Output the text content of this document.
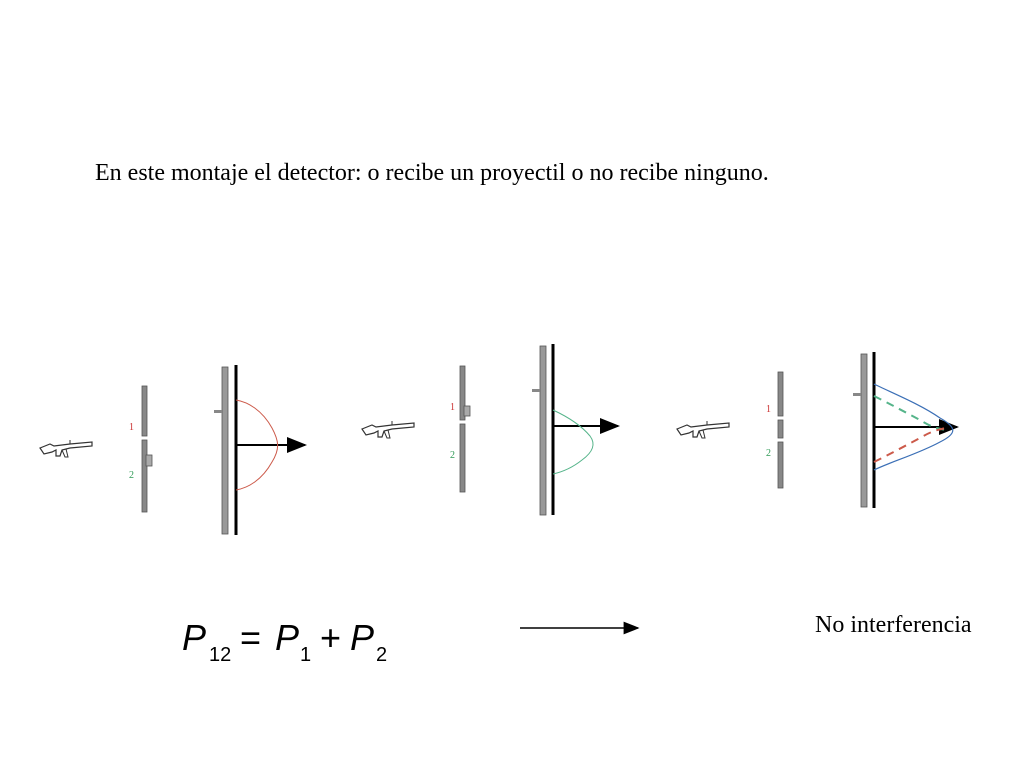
En este montaje el detector: o recibe un proyectil o no recibe ninguno.
1
2
1
2
1
2
P 12 = P 1 + P 2
No interferencia
